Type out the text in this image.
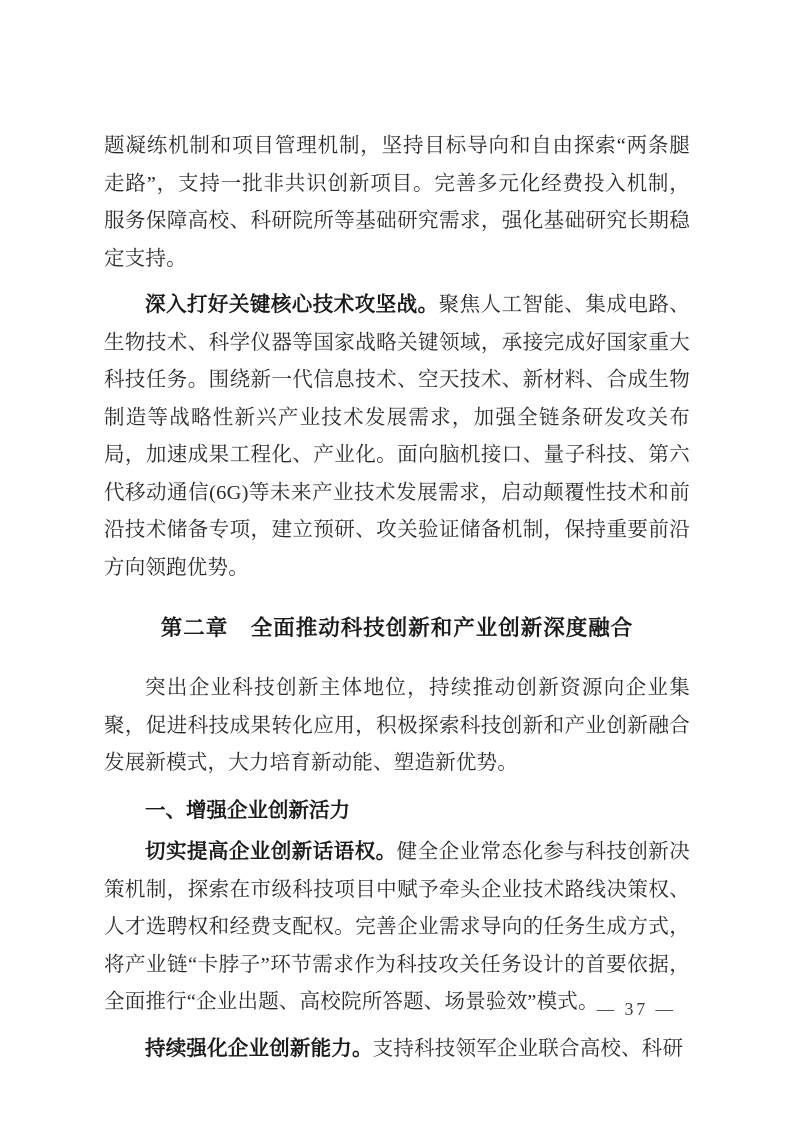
题凝练机制和项目管理机制，坚持目标导向和自由探索“两条腿走路”，支持一批非共识创新项目。完善多元化经费投入机制，服务保障高校、科研院所等基础研究需求，强化基础研究长期稳定支持。

深入打好关键核心技术攻坚战。聚焦人工智能、集成电路、生物技术、科学仪器等国家战略关键领域，承接完成好国家重大科技任务。围绕新一代信息技术、空天技术、新材料、合成生物制造等战略性新兴产业技术发展需求，加强全链条研发攻关布局，加速成果工程化、产业化。面向脑机接口、量子科技、第六代移动通信(6G)等未来产业技术发展需求，启动颠覆性技术和前沿技术储备专项，建立预研、攻关验证储备机制，保持重要前沿方向领跑优势。

第二章　全面推动科技创新和产业创新深度融合

突出企业科技创新主体地位，持续推动创新资源向企业集聚，促进科技成果转化应用，积极探索科技创新和产业创新融合发展新模式，大力培育新动能、塑造新优势。

一、增强企业创新活力

切实提高企业创新话语权。健全企业常态化参与科技创新决策机制，探索在市级科技项目中赋予牵头企业技术路线决策权、人才选聘权和经费支配权。完善企业需求导向的任务生成方式，将产业链“卡脖子”环节需求作为科技攻关任务设计的首要依据，全面推行“企业出题、高校院所答题、场景验效”模式。

持续强化企业创新能力。支持科技领军企业联合高校、科研

— 37 —
